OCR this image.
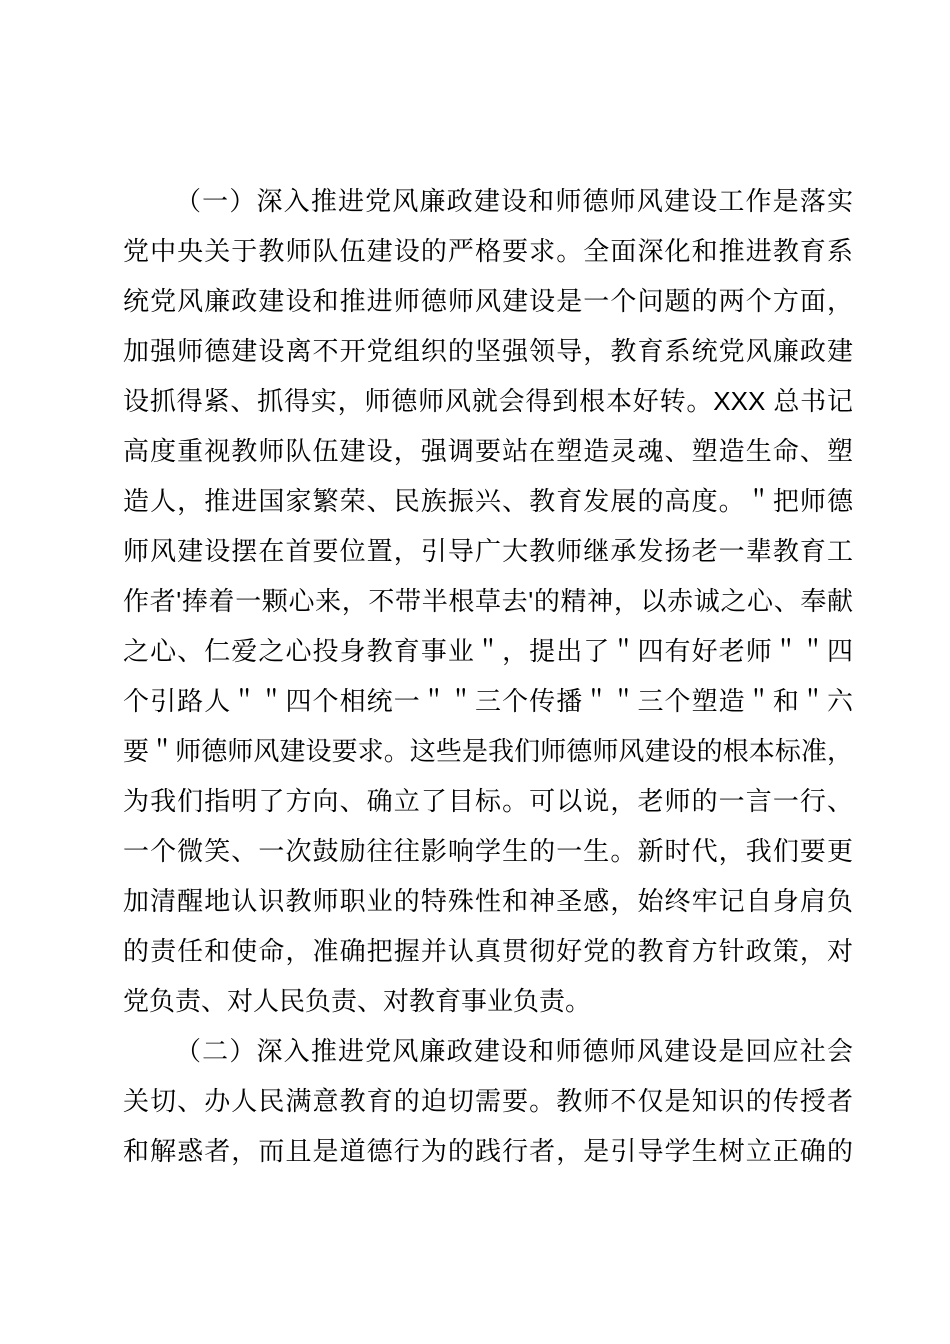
（一）深入推进党风廉政建设和师德师风建设工作是落实
党中央关于教师队伍建设的严格要求。全面深化和推进教育系
统党风廉政建设和推进师德师风建设是一个问题的两个方面，
加强师德建设离不开党组织的坚强领导，教育系统党风廉政建
设抓得紧、抓得实，师德师风就会得到根本好转。XXX 总书记
高度重视教师队伍建设，强调要站在塑造灵魂、塑造生命、塑
造人，推进国家繁荣、民族振兴、教育发展的高度。＂把师德
师风建设摆在首要位置，引导广大教师继承发扬老一辈教育工
作者'捧着一颗心来，不带半根草去'的精神，以赤诚之心、奉献
之心、仁爱之心投身教育事业＂，提出了＂四有好老师＂＂四
个引路人＂＂四个相统一＂＂三个传播＂＂三个塑造＂和＂六
要＂师德师风建设要求。这些是我们师德师风建设的根本标准，
为我们指明了方向、确立了目标。可以说，老师的一言一行、
一个微笑、一次鼓励往往影响学生的一生。新时代，我们要更
加清醒地认识教师职业的特殊性和神圣感，始终牢记自身肩负
的责任和使命，准确把握并认真贯彻好党的教育方针政策，对
党负责、对人民负责、对教育事业负责。
（二）深入推进党风廉政建设和师德师风建设是回应社会
关切、办人民满意教育的迫切需要。教师不仅是知识的传授者
和解惑者，而且是道德行为的践行者，是引导学生树立正确的
